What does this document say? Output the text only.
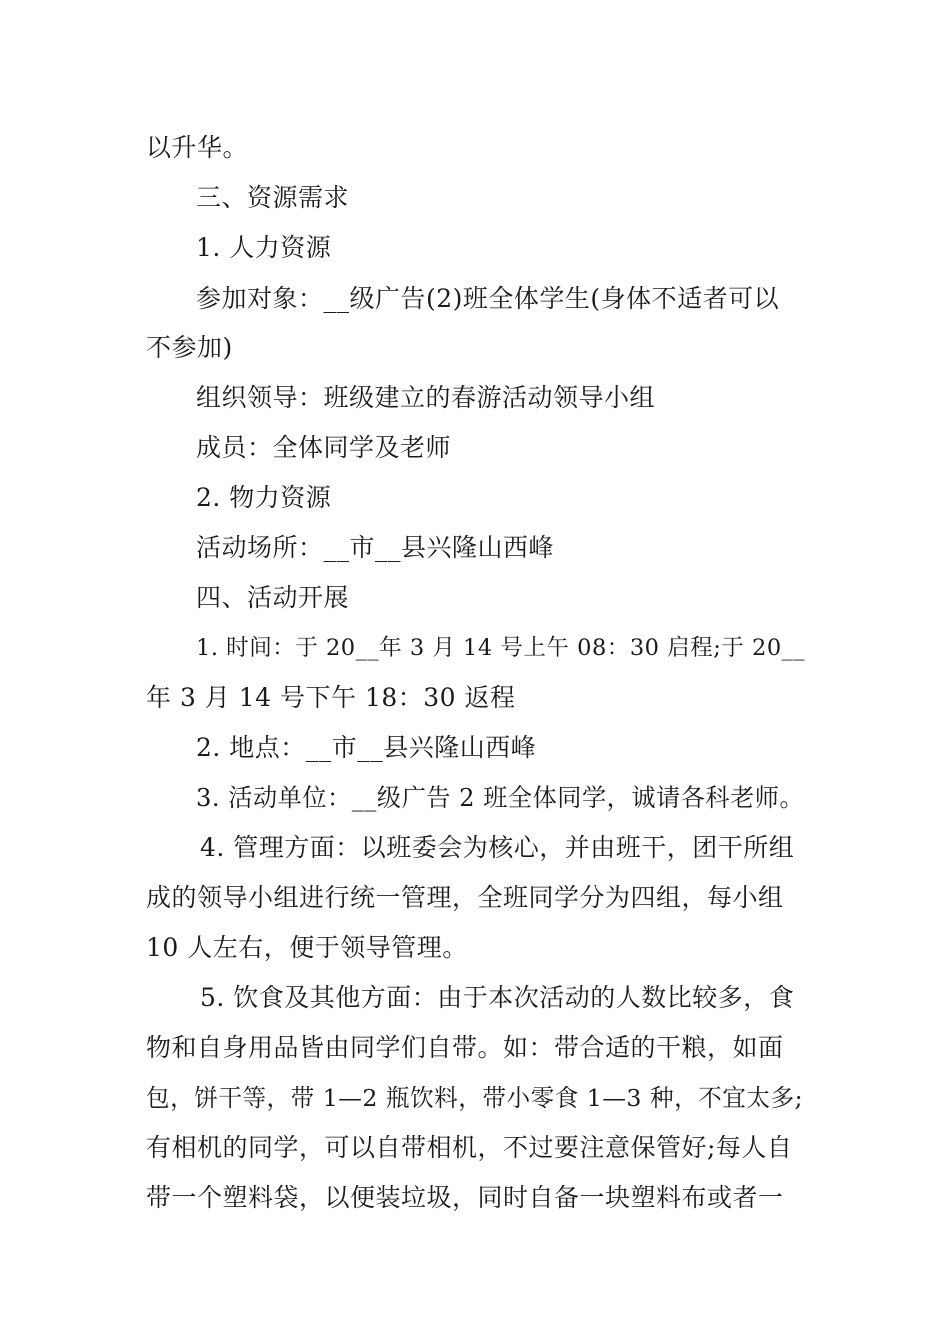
以升华。
三、资源需求
1. 人力资源
参加对象：__级广告(2)班全体学生(身体不适者可以
不参加)
组织领导：班级建立的春游活动领导小组
成员：全体同学及老师
2. 物力资源
活动场所：__市__县兴隆山西峰
四、活动开展
1. 时间：于 20__年 3 月 14 号上午 08：30 启程;于 20__
年 3 月 14 号下午 18：30 返程
2. 地点：__市__县兴隆山西峰
3. 活动单位：__级广告 2 班全体同学，诚请各科老师。
4. 管理方面：以班委会为核心，并由班干，团干所组
成的领导小组进行统一管理，全班同学分为四组，每小组
10 人左右，便于领导管理。
5. 饮食及其他方面：由于本次活动的人数比较多，食
物和自身用品皆由同学们自带。如：带合适的干粮，如面
包，饼干等，带 1—2 瓶饮料，带小零食 1—3 种，不宜太多;
有相机的同学，可以自带相机，不过要注意保管好;每人自
带一个塑料袋，以便装垃圾，同时自备一块塑料布或者一
